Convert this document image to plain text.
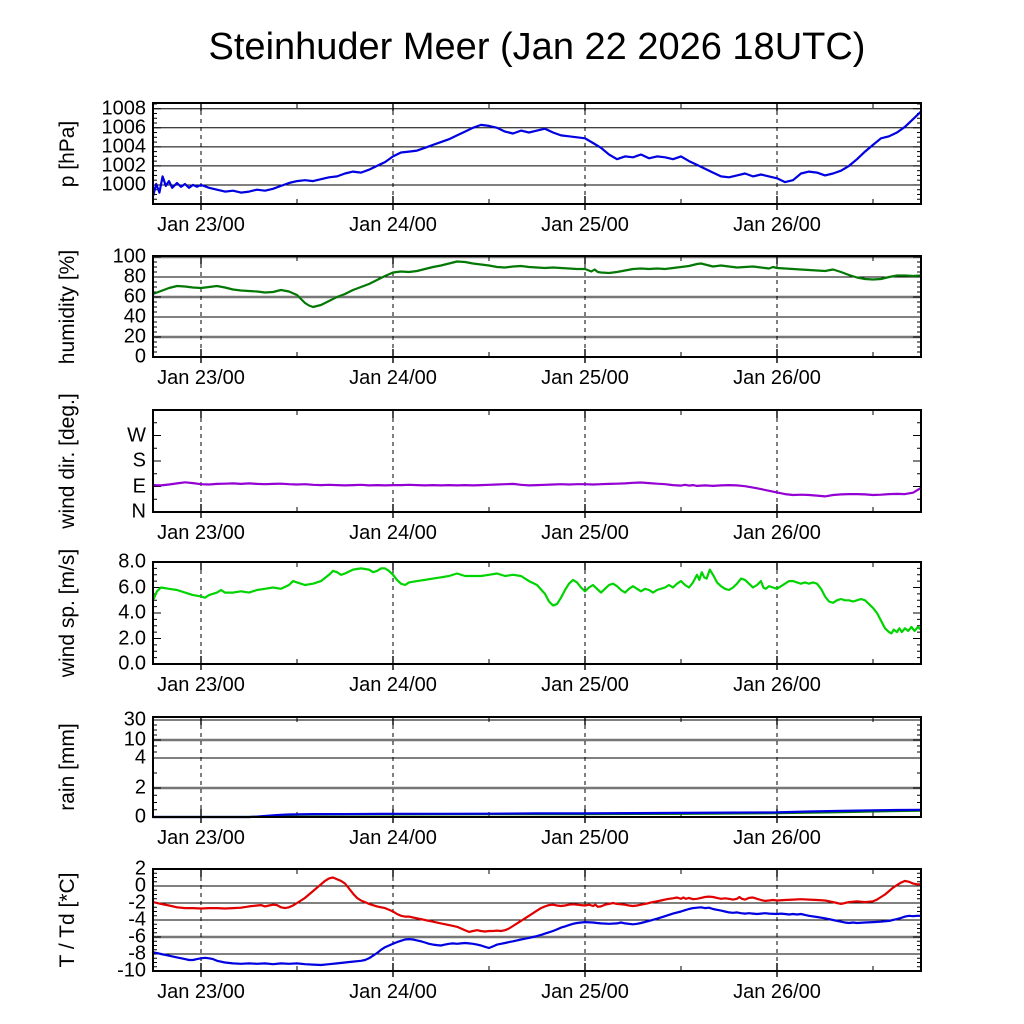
Steinhuder Meer (Jan 22 2026 18UTC)
p [hPa]
humidity [%]
wind dir. [deg.]
wind sp. [m/s]
rain [mm]
T / Td [*C]
1000
1002
1004
1006
1008
Jan 23/00	Jan 24/00	Jan 25/00	Jan 26/00
0
20
40
60
80
100
Jan 23/00	Jan 24/00	Jan 25/00	Jan 26/00
N
E
S
W
Jan 23/00	Jan 24/00	Jan 25/00	Jan 26/00
0.0
2.0
4.0
6.0
8.0
Jan 23/00	Jan 24/00	Jan 25/00	Jan 26/00
0
2
4
10
30
Jan 23/00	Jan 24/00	Jan 25/00	Jan 26/00
2
0
-2
-4
-6
-8
-10
Jan 23/00	Jan 24/00	Jan 25/00	Jan 26/00
